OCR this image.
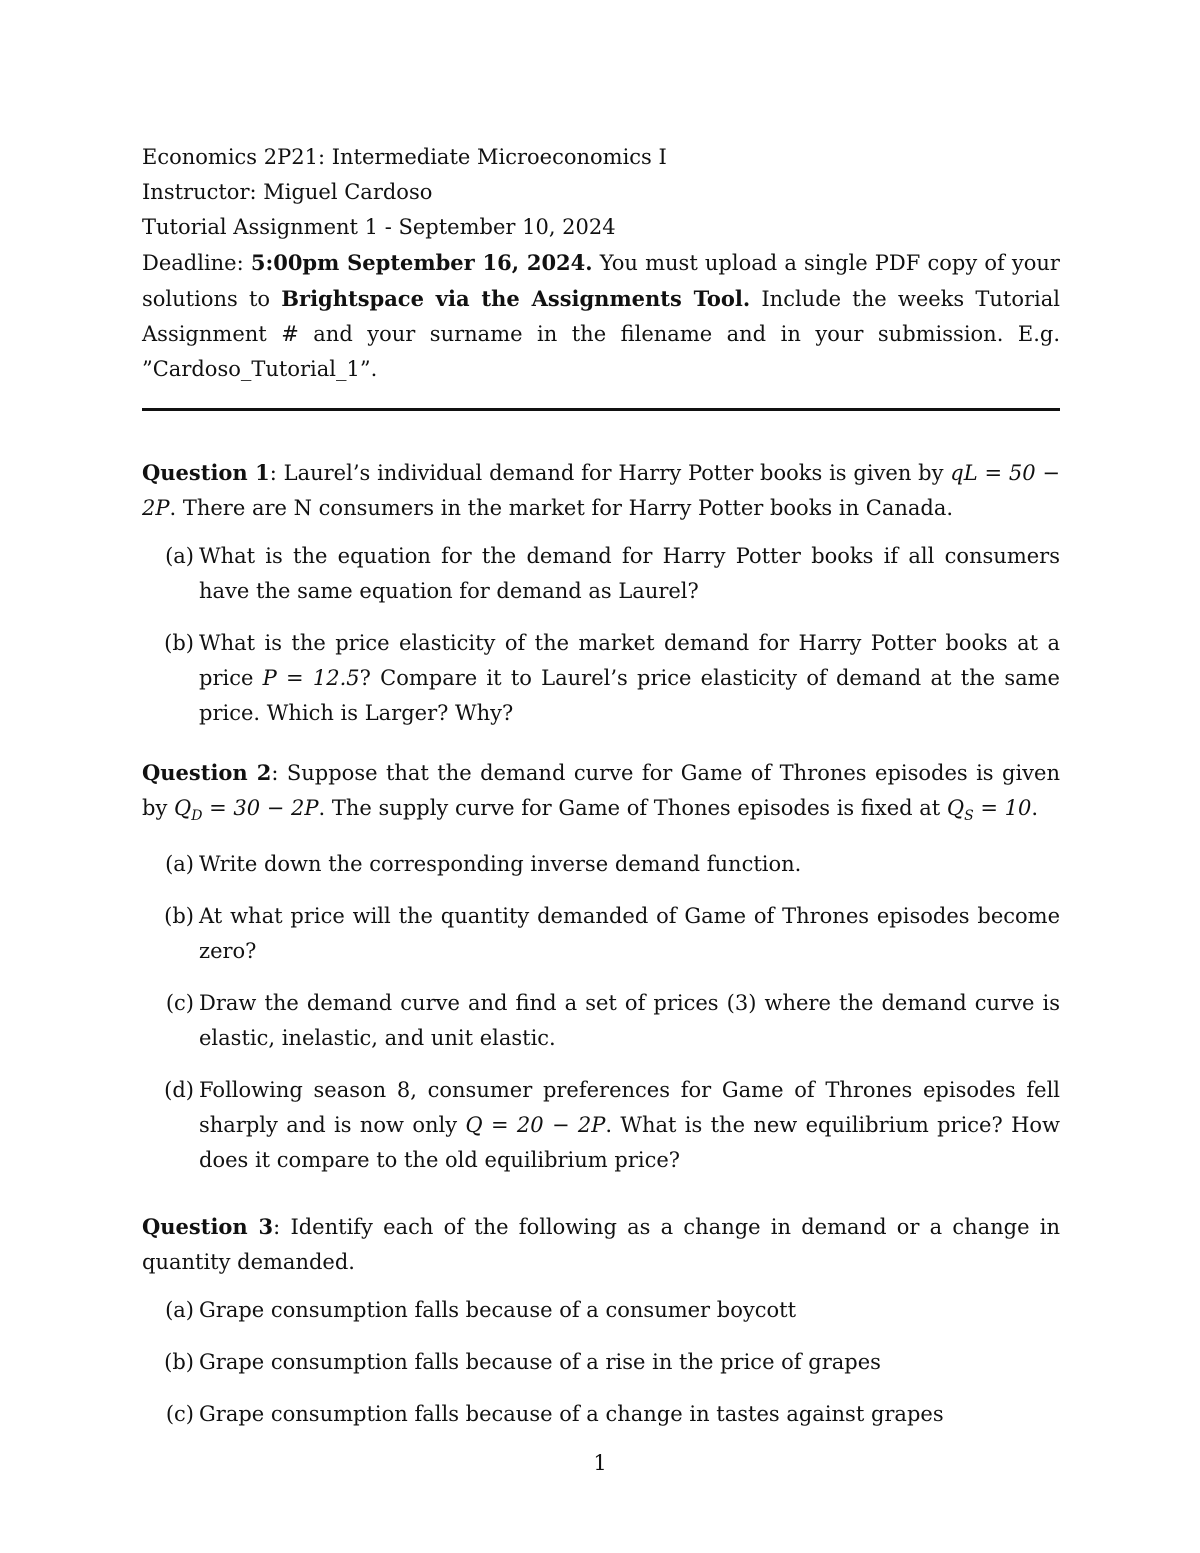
Economics 2P21: Intermediate Microeconomics I

Instructor: Miguel Cardoso

Tutorial Assignment 1 - September 10, 2024

Deadline: 5:00pm September 16, 2024. You must upload a single PDF copy of your solutions to Brightspace via the Assignments Tool. Include the weeks Tutorial Assignment # and your surname in the filename and in your submission. E.g. ”Cardoso_Tutorial_1”.

Question 1: Laurel’s individual demand for Harry Potter books is given by qL = 50 − 2P. There are N consumers in the market for Harry Potter books in Canada.

(a) What is the equation for the demand for Harry Potter books if all consumers have the same equation for demand as Laurel?

(b) What is the price elasticity of the market demand for Harry Potter books at a price P = 12.5? Compare it to Laurel’s price elasticity of demand at the same price. Which is Larger? Why?

Question 2: Suppose that the demand curve for Game of Thrones episodes is given by $Q_D = 30 - 2P$. The supply curve for Game of Thones episodes is fixed at $Q_S = 10$.

(a) Write down the corresponding inverse demand function.

(b) At what price will the quantity demanded of Game of Thrones episodes become zero?

(c) Draw the demand curve and find a set of prices (3) where the demand curve is elastic, inelastic, and unit elastic.

(d) Following season 8, consumer preferences for Game of Thrones episodes fell sharply and is now only Q = 20 − 2P. What is the new equilibrium price? How does it compare to the old equilibrium price?

Question 3: Identify each of the following as a change in demand or a change in quantity demanded.

(a) Grape consumption falls because of a consumer boycott

(b) Grape consumption falls because of a rise in the price of grapes

(c) Grape consumption falls because of a change in tastes against grapes

1
